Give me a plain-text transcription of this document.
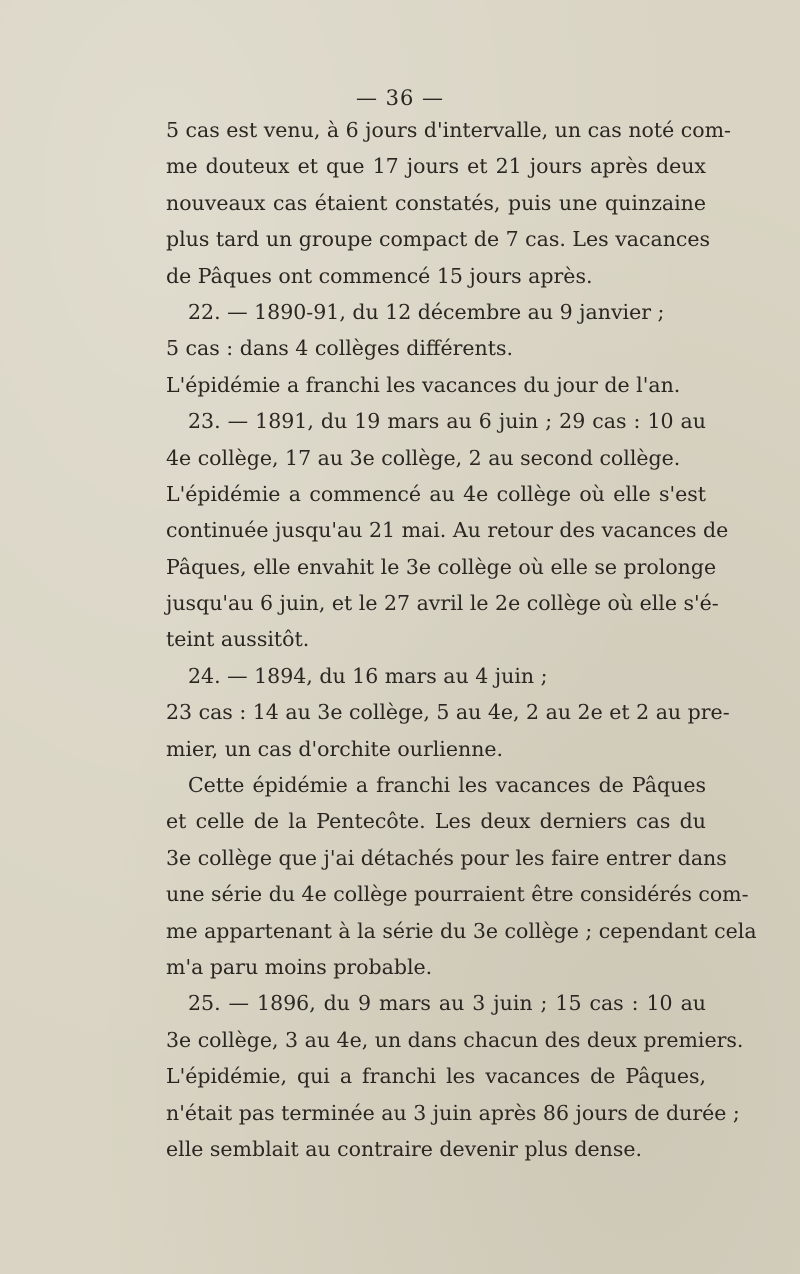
— 36 —
5 cas est venu, à 6 jours d'intervalle, un cas noté com-
me douteux et que 17 jours et 21 jours après deux
nouveaux cas étaient constatés, puis une quinzaine
plus tard un groupe compact de 7 cas. Les vacances
de Pâques ont commencé 15 jours après.
22. — 1890-91, du 12 décembre au 9 janvier ;
5 cas : dans 4 collèges différents.
L'épidémie a franchi les vacances du jour de l'an.
23. — 1891, du 19 mars au 6 juin ; 29 cas : 10 au
4e collège, 17 au 3e collège, 2 au second collège.
L'épidémie a commencé au 4e collège où elle s'est
continuée jusqu'au 21 mai. Au retour des vacances de
Pâques, elle envahit le 3e collège où elle se prolonge
jusqu'au 6 juin, et le 27 avril le 2e collège où elle s'é-
teint aussitôt.
24. — 1894, du 16 mars au 4 juin ;
23 cas : 14 au 3e collège, 5 au 4e, 2 au 2e et 2 au pre-
mier, un cas d'orchite ourlienne.
Cette épidémie a franchi les vacances de Pâques
et celle de la Pentecôte. Les deux derniers cas du
3e collège que j'ai détachés pour les faire entrer dans
une série du 4e collège pourraient être considérés com-
me appartenant à la série du 3e collège ; cependant cela
m'a paru moins probable.
25. — 1896, du 9 mars au 3 juin ; 15 cas : 10 au
3e collège, 3 au 4e, un dans chacun des deux premiers.
L'épidémie, qui a franchi les vacances de Pâques,
n'était pas terminée au 3 juin après 86 jours de durée ;
elle semblait au contraire devenir plus dense.
